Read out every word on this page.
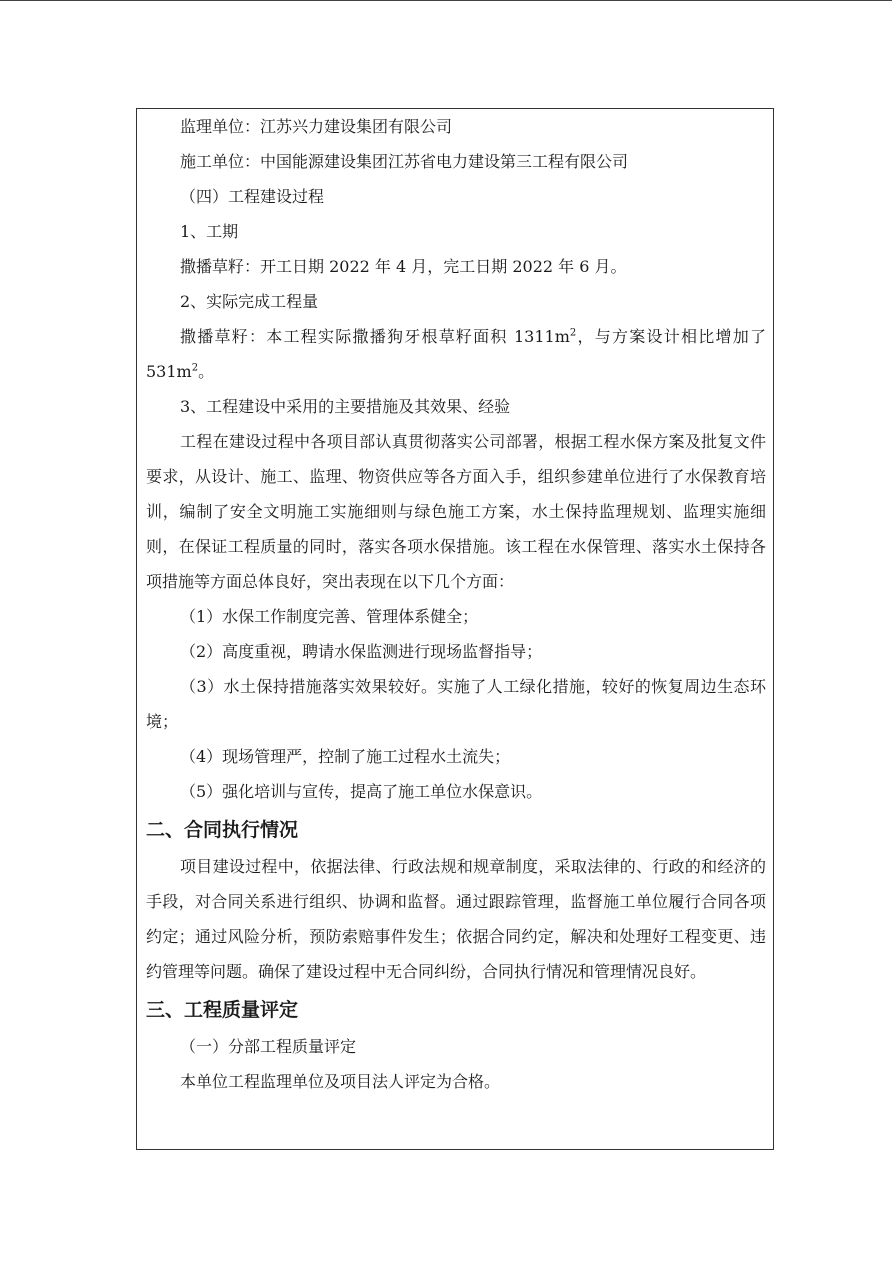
监理单位：江苏兴力建设集团有限公司
施工单位：中国能源建设集团江苏省电力建设第三工程有限公司
（四）工程建设过程
1、工期
撒播草籽：开工日期 2022 年 4 月，完工日期 2022 年 6 月。
2、实际完成工程量

撒播草籽：本工程实际撒播狗牙根草籽面积 $1311m^2$，与方案设计相比增加了 $531m^2$。

3、工程建设中采用的主要措施及其效果、经验

工程在建设过程中各项目部认真贯彻落实公司部署，根据工程水保方案及批复文件要求，从设计、施工、监理、物资供应等各方面入手，组织参建单位进行了水保教育培训，编制了安全文明施工实施细则与绿色施工方案，水土保持监理规划、监理实施细则，在保证工程质量的同时，落实各项水保措施。该工程在水保管理、落实水土保持各项措施等方面总体良好，突出表现在以下几个方面：

（1）水保工作制度完善、管理体系健全；
（2）高度重视，聘请水保监测进行现场监督指导；

（3）水土保持措施落实效果较好。实施了人工绿化措施，较好的恢复周边生态环境；

（4）现场管理严，控制了施工过程水土流失；
（5）强化培训与宣传，提高了施工单位水保意识。
二、合同执行情况

项目建设过程中，依据法律、行政法规和规章制度，采取法律的、行政的和经济的手段，对合同关系进行组织、协调和监督。通过跟踪管理，监督施工单位履行合同各项约定；通过风险分析，预防索赔事件发生；依据合同约定，解决和处理好工程变更、违约管理等问题。确保了建设过程中无合同纠纷，合同执行情况和管理情况良好。

三、工程质量评定
（一）分部工程质量评定
本单位工程监理单位及项目法人评定为合格。
